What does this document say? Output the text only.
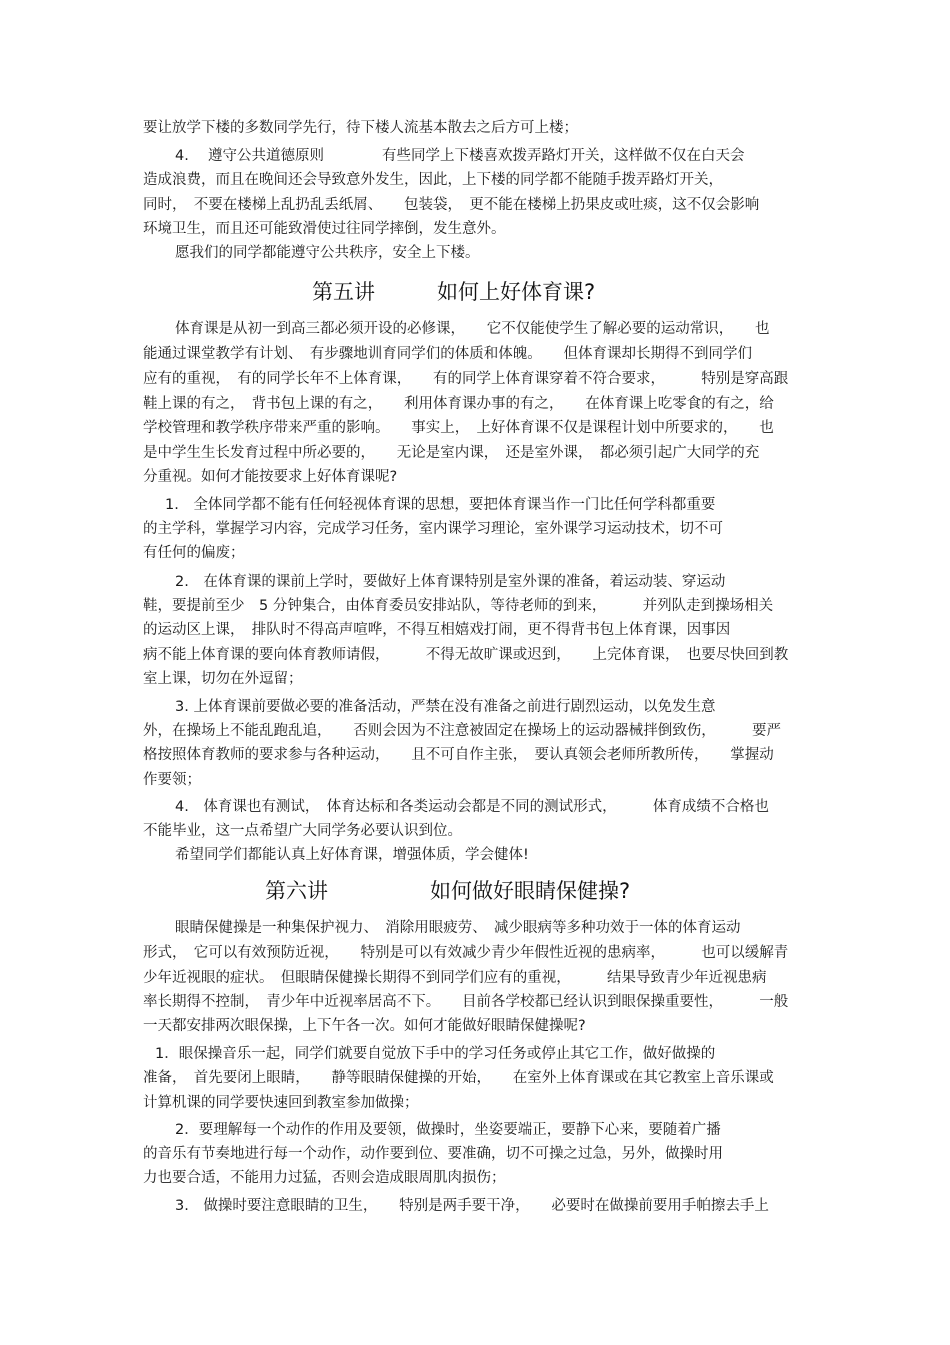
要让放学下楼的多数同学先行，待下楼人流基本散去之后方可上楼；
4.　 遵守公共道德原则　　　　有些同学上下楼喜欢拨弄路灯开关，这样做不仅在白天会
造成浪费，而且在晚间还会导致意外发生，因此，上下楼的同学都不能随手拨弄路灯开关，
同时，　不要在楼梯上乱扔乱丢纸屑、　　包装袋，　更不能在楼梯上扔果皮或吐痰，这不仅会影响
环境卫生，而且还可能致滑使过往同学摔倒，发生意外。
愿我们的同学都能遵守公共秩序，安全上下楼。
第五讲	如何上好体育课?
体育课是从初一到高三都必须开设的必修课，　　它不仅能使学生了解必要的运动常识，　　也
能通过课堂教学有计划、　有步骤地训育同学们的体质和体魄。　　但体育课却长期得不到同学们
应有的重视，　有的同学长年不上体育课，　　有的同学上体育课穿着不符合要求，　　　特别是穿高跟
鞋上课的有之，　背书包上课的有之，　　利用体育课办事的有之，　　在体育课上吃零食的有之，给
学校管理和教学秩序带来严重的影响。　　事实上，　上好体育课不仅是课程计划中所要求的，　　也
是中学生生长发育过程中所必要的，　　无论是室内课，　还是室外课，　都必须引起广大同学的充
分重视。如何才能按要求上好体育课呢?
1.　全体同学都不能有任何轻视体育课的思想，要把体育课当作一门比任何学科都重要
的主学科，掌握学习内容，完成学习任务，室内课学习理论，室外课学习运动技术，切不可
有任何的偏废；
2.　在体育课的课前上学时，要做好上体育课特别是室外课的准备，着运动装、穿运动
鞋，要提前至少　5 分钟集合，由体育委员安排站队，等待老师的到来，　　　并列队走到操场相关
的运动区上课，　排队时不得高声喧哗，不得互相嬉戏打闹，更不得背书包上体育课，因事因
病不能上体育课的要向体育教师请假，　　　不得无故旷课或迟到，　　上完体育课，　也要尽快回到教
室上课，切勿在外逗留；
3. 上体育课前要做必要的准备活动，严禁在没有准备之前进行剧烈运动，以免发生意
外，在操场上不能乱跑乱追，　　否则会因为不注意被固定在操场上的运动器械拌倒致伤，　　　要严
格按照体育教师的要求参与各种运动，　　且不可自作主张，　要认真领会老师所教所传，　　掌握动
作要领；
4.　体育课也有测试，　体育达标和各类运动会都是不同的测试形式，　　　体育成绩不合格也
不能毕业，这一点希望广大同学务必要认识到位。
希望同学们都能认真上好体育课，增强体质，学会健体!
第六讲	如何做好眼睛保健操?
眼睛保健操是一种集保护视力、　消除用眼疲劳、　减少眼病等多种功效于一体的体育运动
形式，　它可以有效预防近视，　　特别是可以有效减少青少年假性近视的患病率，　　　也可以缓解青
少年近视眼的症状。　但眼睛保健操长期得不到同学们应有的重视，　　　结果导致青少年近视患病
率长期得不控制，　青少年中近视率居高不下。　　目前各学校都已经认识到眼保操重要性，　　　一般
一天都安排两次眼保操，上下午各一次。如何才能做好眼睛保健操呢?
1．眼保操音乐一起，同学们就要自觉放下手中的学习任务或停止其它工作，做好做操的
准备，　首先要闭上眼睛，　　静等眼睛保健操的开始，　　在室外上体育课或在其它教室上音乐课或
计算机课的同学要快速回到教室参加做操；
2．要理解每一个动作的作用及要领，做操时，坐姿要端正，要静下心来，要随着广播
的音乐有节奏地进行每一个动作，动作要到位、要准确，切不可操之过急，另外，做操时用
力也要合适，不能用力过猛，否则会造成眼周肌肉损伤；
3.　做操时要注意眼睛的卫生，　　特别是两手要干净，　　必要时在做操前要用手帕擦去手上
